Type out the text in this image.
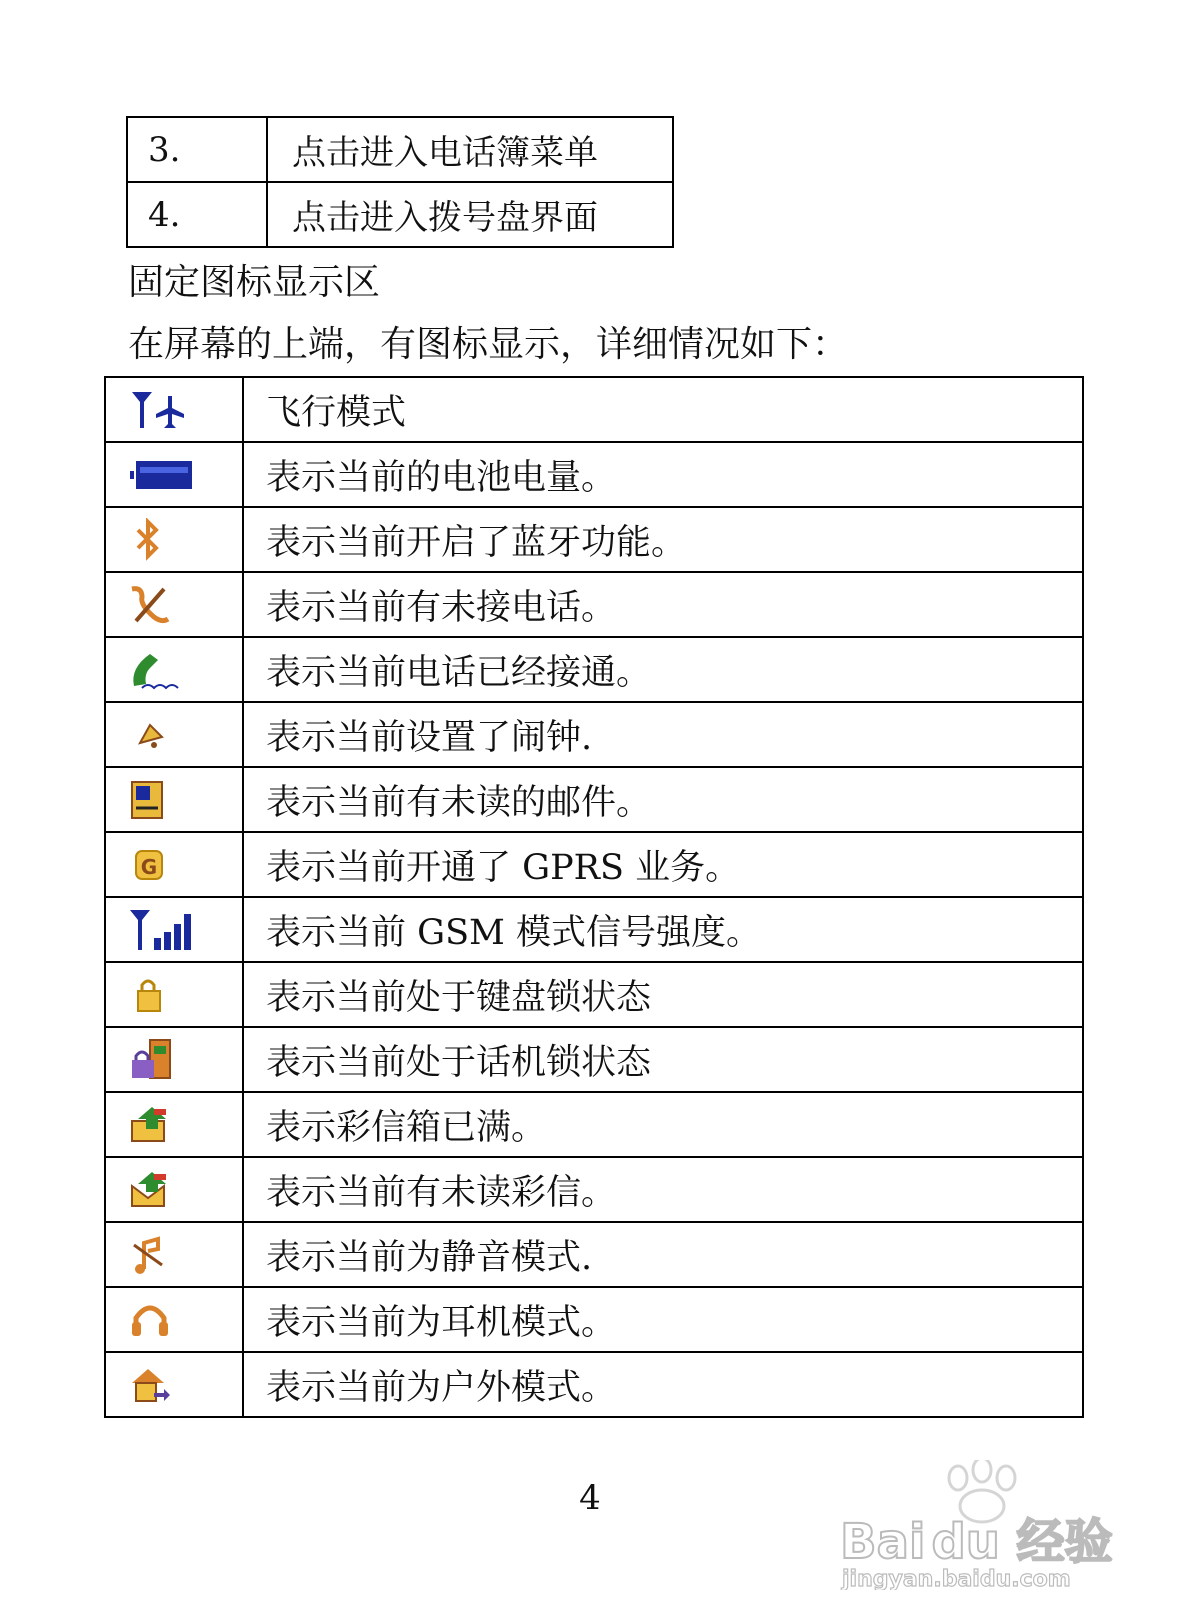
3.	点击进入电话簿菜单
4.	点击进入拨号盘界面
固定图标显示区
在屏幕的上端，有图标显示，详细情况如下：
	飞行模式

	表示当前的电池电量。

	表示当前开启了蓝牙功能。

	表示当前有未接电话。

	表示当前电话已经接通。

	表示当前设置了闹钟.

	表示当前有未读的邮件。

G	表示当前开通了 GPRS 业务。

	表示当前 GSM 模式信号强度。

	表示当前处于键盘锁状态

	表示当前处于话机锁状态

	表示彩信箱已满。

	表示当前有未读彩信。

	表示当前为静音模式.

	表示当前为耳机模式。

	表示当前为户外模式。
4
Bai du 经验
jingyan.baidu.com
